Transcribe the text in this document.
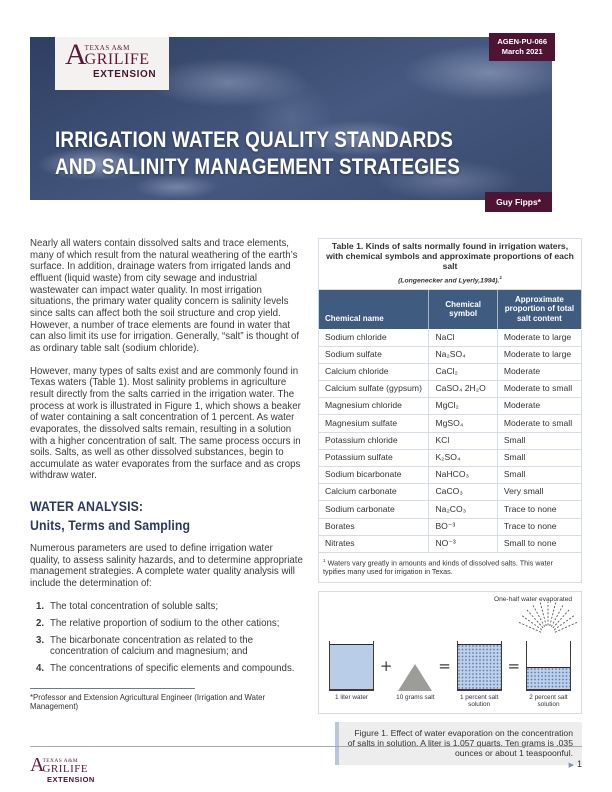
A
TEXAS A&M
GRILIFE
EXTENSION
AGEN-PU-066
March 2021
IRRIGATION WATER QUALITY STANDARDS
AND SALINITY MANAGEMENT STRATEGIES
Guy Fipps*

Nearly all waters contain dissolved salts and trace elements, many of which result from the natural weathering of the earth’s surface. In addition, drainage waters from irrigated lands and effluent (liquid waste) from city sewage and industrial wastewater can impact water quality. In most irrigation situations, the primary water quality concern is salinity levels since salts can affect both the soil structure and crop yield. However, a number of trace elements are found in water that can also limit its use for irrigation. Generally, “salt” is thought of as ordinary table salt (sodium chloride).

However, many types of salts exist and are commonly found in Texas waters (Table 1). Most salinity problems in agriculture result directly from the salts carried in the irrigation water. The process at work is illustrated in Figure 1, which shows a beaker of water containing a salt concentration of 1 percent. As water evaporates, the dissolved salts remain, resulting in a solution with a higher concentration of salt. The same process occurs in soils. Salts, as well as other dissolved substances, begin to accumulate as water evaporates from the surface and as crops withdraw water.

WATER ANALYSIS:
Units, Terms and Sampling

Numerous parameters are used to define irrigation water quality, to assess salinity hazards, and to determine appropriate management strategies. A complete water quality analysis will include the determination of:

1. The total concentration of soluble salts;
2. The relative proportion of sodium to the other cations;
3. The bicarbonate concentration as related to the concentration of calcium and magnesium; and
4. The concentrations of specific elements and compounds.
*Professor and Extension Agricultural Engineer (Irrigation and Water Management)
Table 1. Kinds of salts normally found in irrigation waters, with chemical symbols and approximate proportions of each salt
(Longenecker and Lyerly,1994).$^1$

Chemical name	Chemical symbol	Approximate proportion of total salt content
Sodium chloride	NaCl	Moderate to large
Sodium sulfate	Na₂SO₄	Moderate to large
Calcium chloride	CaCl₂	Moderate
Calcium sulfate (gypsum)	CaSO₄ 2H₂O	Moderate to small
Magnesium chloride	MgCl₂	Moderate
Magnesium sulfate	MgSO₄	Moderate to small
Potassium chloride	KCl	Small
Potassium sulfate	K₂SO₄	Small
Sodium bicarbonate	NaHCO₃	Small
Calcium carbonate	CaCO₃	Very small
Sodium carbonate	Na₂CO₃	Trace to none
Borates	BO⁻³	Trace to none
Nitrates	NO⁻³	Small to none
$^1$ Waters vary greatly in amounts and kinds of dissolved salts. This water typifies many used for irrigation in Texas.		
One-half water evaporated
1 liter water
+
10 grams salt
=
1 percent salt solution
=
2 percent salt solution
Figure 1. Effect of water evaporation on the concentration of salts in solution. A liter is 1.057 quarts. Ten grams is .035 ounces or about 1 teaspoonful.
A
TEXAS A&M
GRILIFE
EXTENSION
▶ 1
